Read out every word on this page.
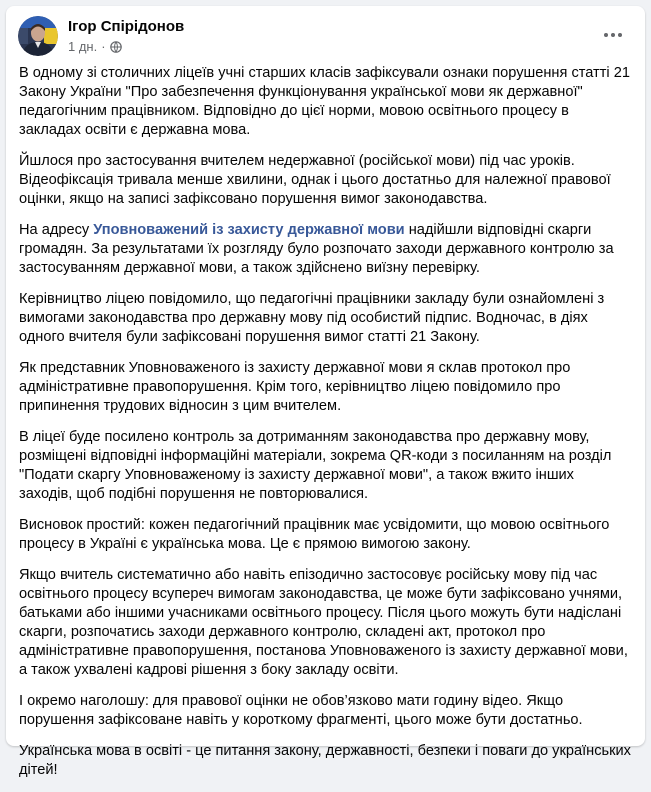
Ігор Спірідонов
1 дн. ·

В одному зі столичних ліцеїв учні старших класів зафіксували ознаки порушення статті 21 Закону України "Про забезпечення функціонування української мови як державної" педагогічним працівником. Відповідно до цієї норми, мовою освітнього процесу в закладах освіти є державна мова.

Йшлося про застосування вчителем недержавної (російської мови) під час уроків. Відеофіксація тривала менше хвилини, однак і цього достатньо для належної правової оцінки, якщо на записі зафіксовано порушення вимог законодавства.

На адресу Уповноважений із захисту державної мови надійшли відповідні скарги громадян. За результатами їх розгляду було розпочато заходи державного контролю за застосуванням державної мови, а також здійснено виїзну перевірку.

Керівництво ліцею повідомило, що педагогічні працівники закладу були ознайомлені з вимогами законодавства про державну мову під особистий підпис. Водночас, в діях одного вчителя були зафіксовані порушення вимог статті 21 Закону.

Як представник Уповноваженого із захисту державної мови я склав протокол про адміністративне правопорушення. Крім того, керівництво ліцею повідомило про припинення трудових відносин з цим вчителем.

В ліцеї буде посилено контроль за дотриманням законодавства про державну мову, розміщені відповідні інформаційні матеріали, зокрема QR-коди з посиланням на розділ "Подати скаргу Уповноваженому із захисту державної мови", а також вжито інших заходів, щоб подібні порушення не повторювалися.

Висновок простий: кожен педагогічний працівник має усвідомити, що мовою освітнього процесу в Україні є українська мова. Це є прямою вимогою закону.

Якщо вчитель систематично або навіть епізодично застосовує російську мову під час освітнього процесу всупереч вимогам законодавства, це може бути зафіксовано учнями, батьками або іншими учасниками освітнього процесу. Після цього можуть бути надіслані скарги, розпочатись заходи державного контролю, складені акт, протокол про адміністративне правопорушення, постанова Уповноваженого із захисту державної мови, а також ухвалені кадрові рішення з боку закладу освіти.

І окремо наголошу: для правової оцінки не обов’язково мати годину відео. Якщо порушення зафіксоване навіть у короткому фрагменті, цього може бути достатньо.

Українська мова в освіті - це питання закону, державності, безпеки і поваги до українських дітей!
